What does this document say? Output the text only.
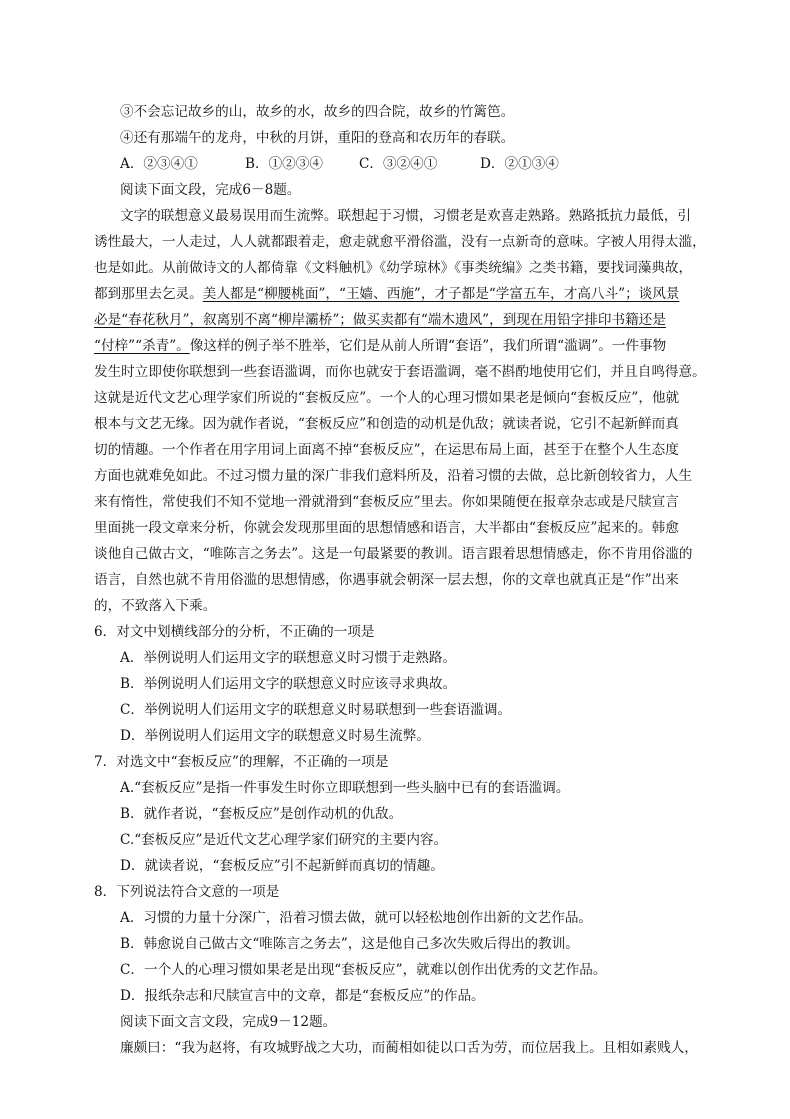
③不会忘记故乡的山，故乡的水，故乡的四合院，故乡的竹篱笆。
④还有那端午的龙舟，中秋的月饼，重阳的登高和农历年的春联。
A．②③④①	B．①②③④	C．③②④①	D．②①③④
阅读下面文段，完成6－8题。
文字的联想意义最易误用而生流弊。联想起于习惯，习惯老是欢喜走熟路。熟路抵抗力最低，引
诱性最大，一人走过，人人就都跟着走，愈走就愈平滑俗滥，没有一点新奇的意味。字被人用得太滥，
也是如此。从前做诗文的人都倚靠《文料触机》《幼学琼林》《事类统编》之类书籍，要找词藻典故，
都到那里去乞灵。美人都是“柳腰桃面”，“王嫱、西施”，才子都是“学富五车，才高八斗”；谈风景
必是“春花秋月”，叙离别不离“柳岸灞桥”；做买卖都有“端木遗风”，到现在用铅字排印书籍还是
“付梓”“杀青”。像这样的例子举不胜举，它们是从前人所谓“套语”，我们所谓“滥调”。一件事物
发生时立即使你联想到一些套语滥调，而你也就安于套语滥调，毫不斟酌地使用它们，并且自鸣得意。
这就是近代文艺心理学家们所说的“套板反应”。一个人的心理习惯如果老是倾向“套板反应”，他就
根本与文艺无缘。因为就作者说，“套板反应”和创造的动机是仇敌；就读者说，它引不起新鲜而真
切的情趣。一个作者在用字用词上面离不掉“套板反应”，在运思布局上面，甚至于在整个人生态度
方面也就难免如此。不过习惯力量的深广非我们意料所及，沿着习惯的去做，总比新创较省力，人生
来有惰性，常使我们不知不觉地一滑就滑到“套板反应”里去。你如果随便在报章杂志或是尺牍宣言
里面挑一段文章来分析，你就会发现那里面的思想情感和语言，大半都由“套板反应”起来的。韩愈
谈他自己做古文，“唯陈言之务去”。这是一句最紧要的教训。语言跟着思想情感走，你不肯用俗滥的
语言，自然也就不肯用俗滥的思想情感，你遇事就会朝深一层去想，你的文章也就真正是“作”出来
的，不致落入下乘。
6．对文中划横线部分的分析，不正确的一项是
A．举例说明人们运用文字的联想意义时习惯于走熟路。
B．举例说明人们运用文字的联想意义时应该寻求典故。
C．举例说明人们运用文字的联想意义时易联想到一些套语滥调。
D．举例说明人们运用文字的联想意义时易生流弊。
7．对选文中“套板反应”的理解，不正确的一项是
A.“套板反应”是指一件事发生时你立即联想到一些头脑中已有的套语滥调。
B．就作者说，“套板反应”是创作动机的仇敌。
C.“套板反应”是近代文艺心理学家们研究的主要内容。
D．就读者说，“套板反应”引不起新鲜而真切的情趣。
8．下列说法符合文意的一项是
A．习惯的力量十分深广，沿着习惯去做，就可以轻松地创作出新的文艺作品。
B．韩愈说自己做古文“唯陈言之务去”，这是他自己多次失败后得出的教训。
C．一个人的心理习惯如果老是出现“套板反应”，就难以创作出优秀的文艺作品。
D．报纸杂志和尺牍宣言中的文章，都是“套板反应”的作品。
阅读下面文言文段，完成9－12题。
廉颇曰：“我为赵将，有攻城野战之大功，而蔺相如徒以口舌为劳，而位居我上。且相如素贱人，
